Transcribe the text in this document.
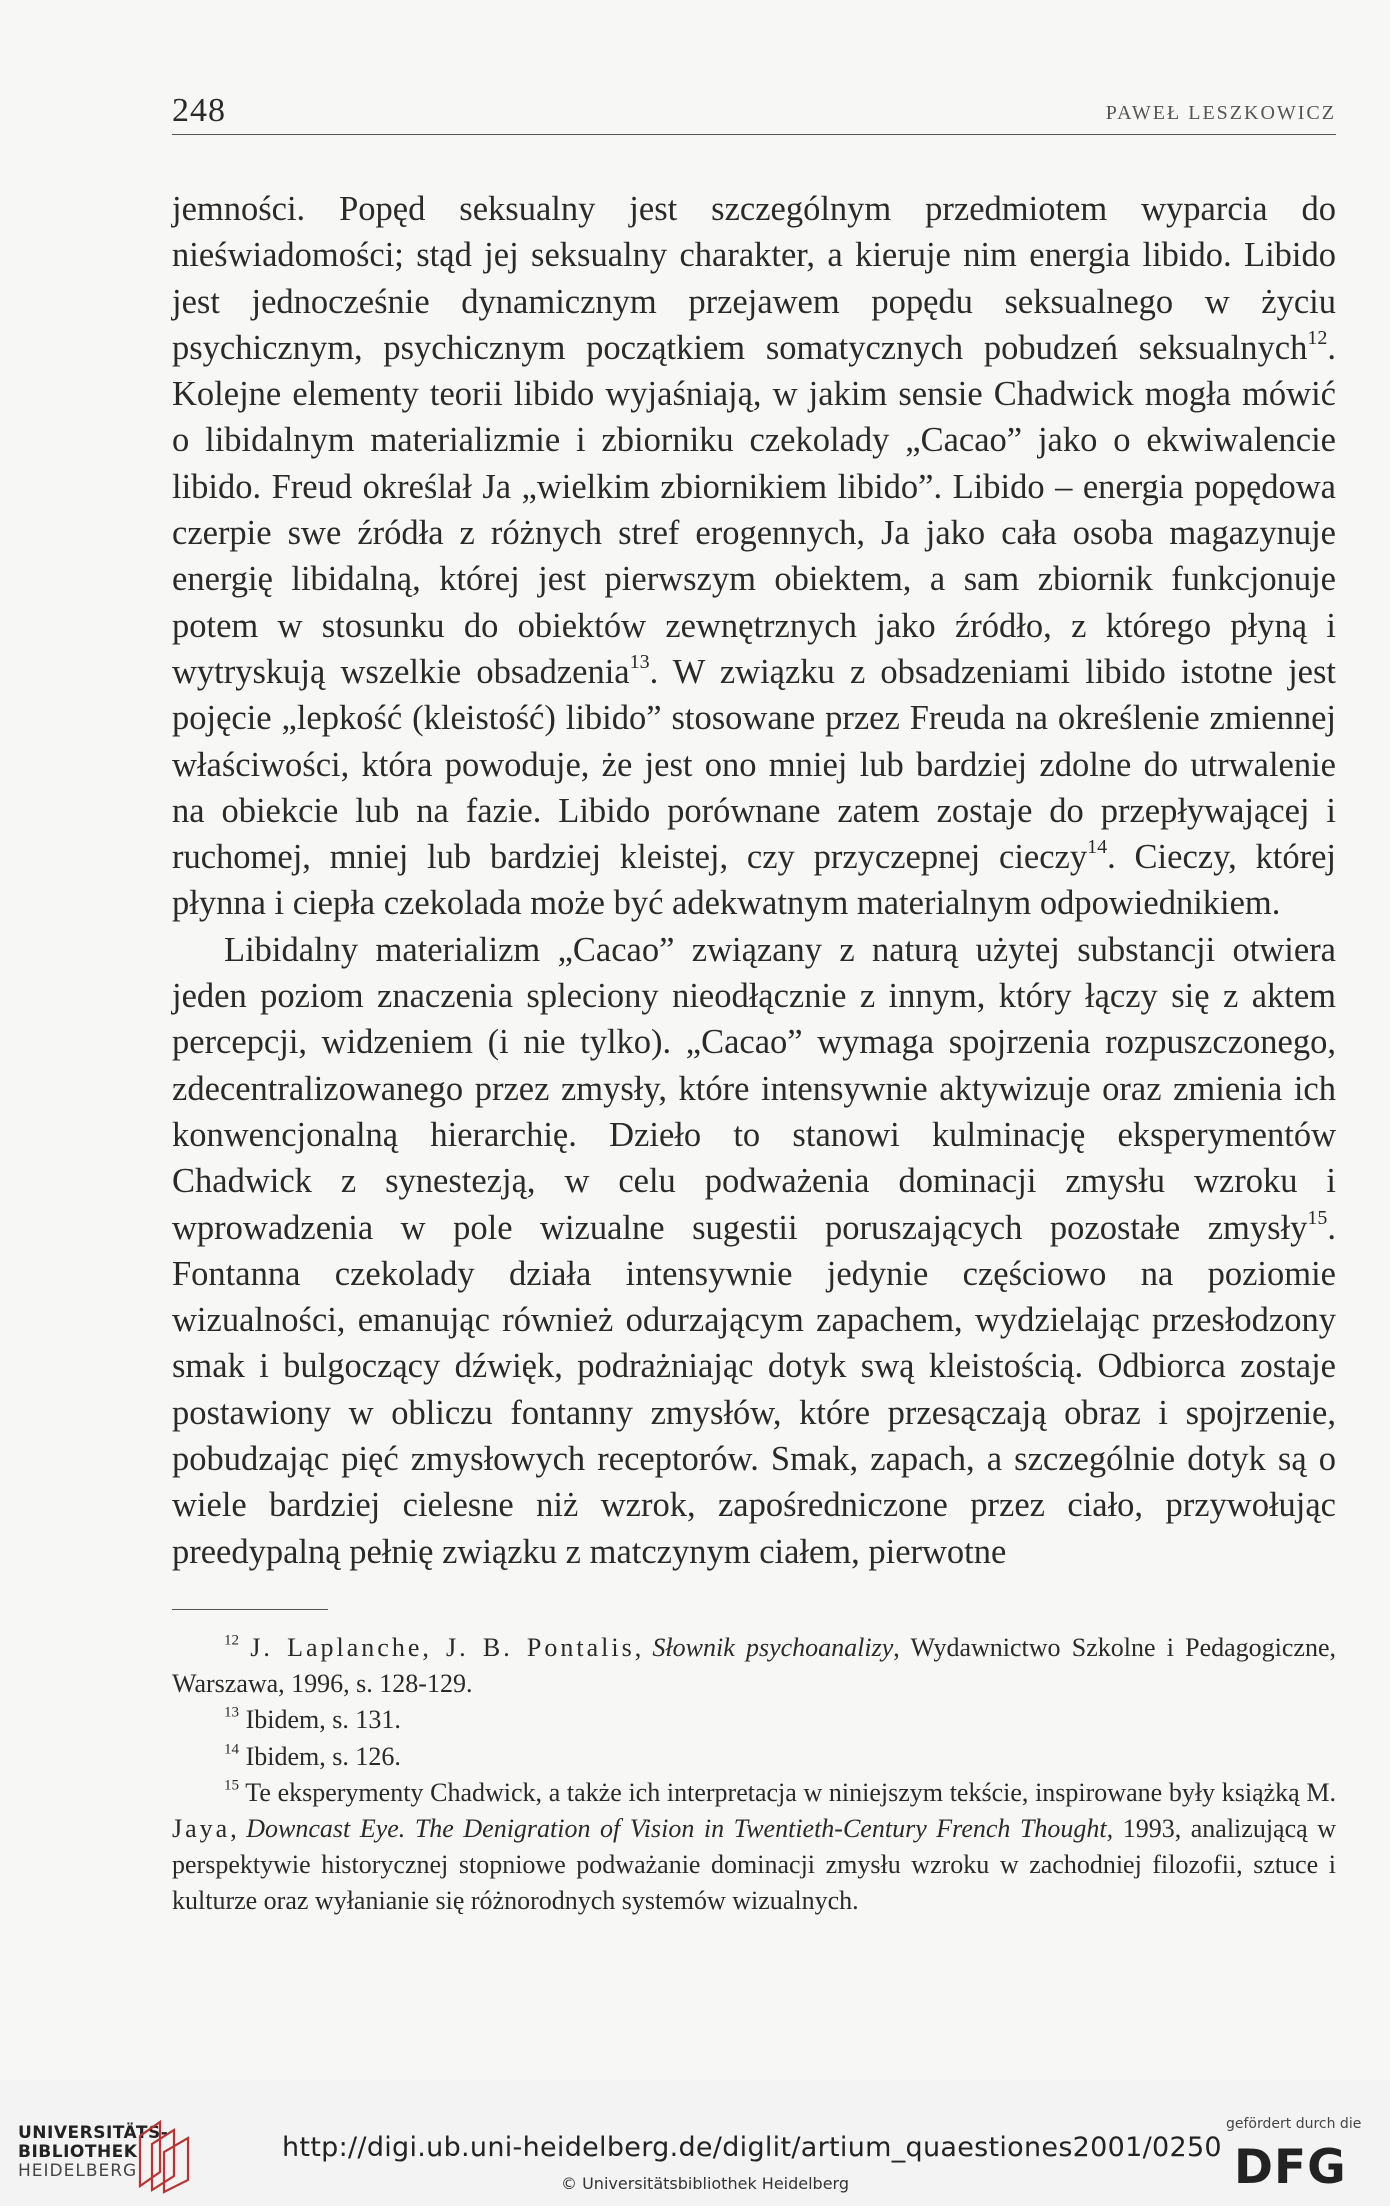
248	PAWEŁ LESZKOWICZ

jemności. Popęd seksualny jest szczególnym przedmiotem wyparcia do nieświadomości; stąd jej seksualny charakter, a kieruje nim energia libido. Libido jest jednocześnie dynamicznym przejawem popędu seksualnego w życiu psychicznym, psychicznym początkiem somatycznych pobudzeń seksualnych$^{12}$. Kolejne elementy teorii libido wyjaśniają, w jakim sensie Chadwick mogła mówić o libidalnym materializmie i zbiorniku czekolady „Cacao” jako o ekwiwalencie libido. Freud określał Ja „wielkim zbiornikiem libido”. Libido – energia popędowa czerpie swe źródła z różnych stref erogennych, Ja jako cała osoba magazynuje energię libidalną, której jest pierwszym obiektem, a sam zbiornik funkcjonuje potem w stosunku do obiektów zewnętrznych jako źródło, z którego płyną i wytryskują wszelkie obsadzenia$^{13}$. W związku z obsadzeniami libido istotne jest pojęcie „lepkość (kleistość) libido” stosowane przez Freuda na określenie zmiennej właściwości, która powoduje, że jest ono mniej lub bardziej zdolne do utrwalenie na obiekcie lub na fazie. Libido porównane zatem zostaje do przepływającej i ruchomej, mniej lub bardziej kleistej, czy przyczepnej cieczy$^{14}$. Cieczy, której płynna i ciepła czekolada może być adekwatnym materialnym odpowiednikiem.

Libidalny materializm „Cacao” związany z naturą użytej substancji otwiera jeden poziom znaczenia spleciony nieodłącznie z innym, który łączy się z aktem percepcji, widzeniem (i nie tylko). „Cacao” wymaga spojrzenia rozpuszczonego, zdecentralizowanego przez zmysły, które intensywnie aktywizuje oraz zmienia ich konwencjonalną hierarchię. Dzieło to stanowi kulminację eksperymentów Chadwick z synestezją, w celu podważenia dominacji zmysłu wzroku i wprowadzenia w pole wizualne sugestii poruszających pozostałe zmysły$^{15}$. Fontanna czekolady działa intensywnie jedynie częściowo na poziomie wizualności, emanując również odurzającym zapachem, wydzielając przesłodzony smak i bulgoczący dźwięk, podrażniając dotyk swą kleistością. Odbiorca zostaje postawiony w obliczu fontanny zmysłów, które przesączają obraz i spojrzenie, pobudzając pięć zmysłowych receptorów. Smak, zapach, a szczególnie dotyk są o wiele bardziej cielesne niż wzrok, zapośredniczone przez ciało, przywołując preedypalną pełnię związku z matczynym ciałem, pierwotne

$^{12}$ J. Laplanche, J. B. Pontalis, Słownik psychoanalizy, Wydawnictwo Szkolne i Pedagogiczne, Warszawa, 1996, s. 128-129.

$^{13}$ Ibidem, s. 131.

$^{14}$ Ibidem, s. 126.

$^{15}$ Te eksperymenty Chadwick, a także ich interpretacja w niniejszym tekście, inspirowane były książką M. Jaya, Downcast Eye. The Denigration of Vision in Twentieth-Century French Thought, 1993, analizującą w perspektywie historycznej stopniowe podważanie dominacji zmysłu wzroku w zachodniej filozofii, sztuce i kulturze oraz wyłanianie się różnorodnych systemów wizualnych.

UNIVERSITÄTS-
BIBLIOTHEK
HEIDELBERG
http://digi.ub.uni-heidelberg.de/diglit/artium_quaestiones2001/0250
© Universitätsbibliothek Heidelberg
gefördert durch die
DFG
